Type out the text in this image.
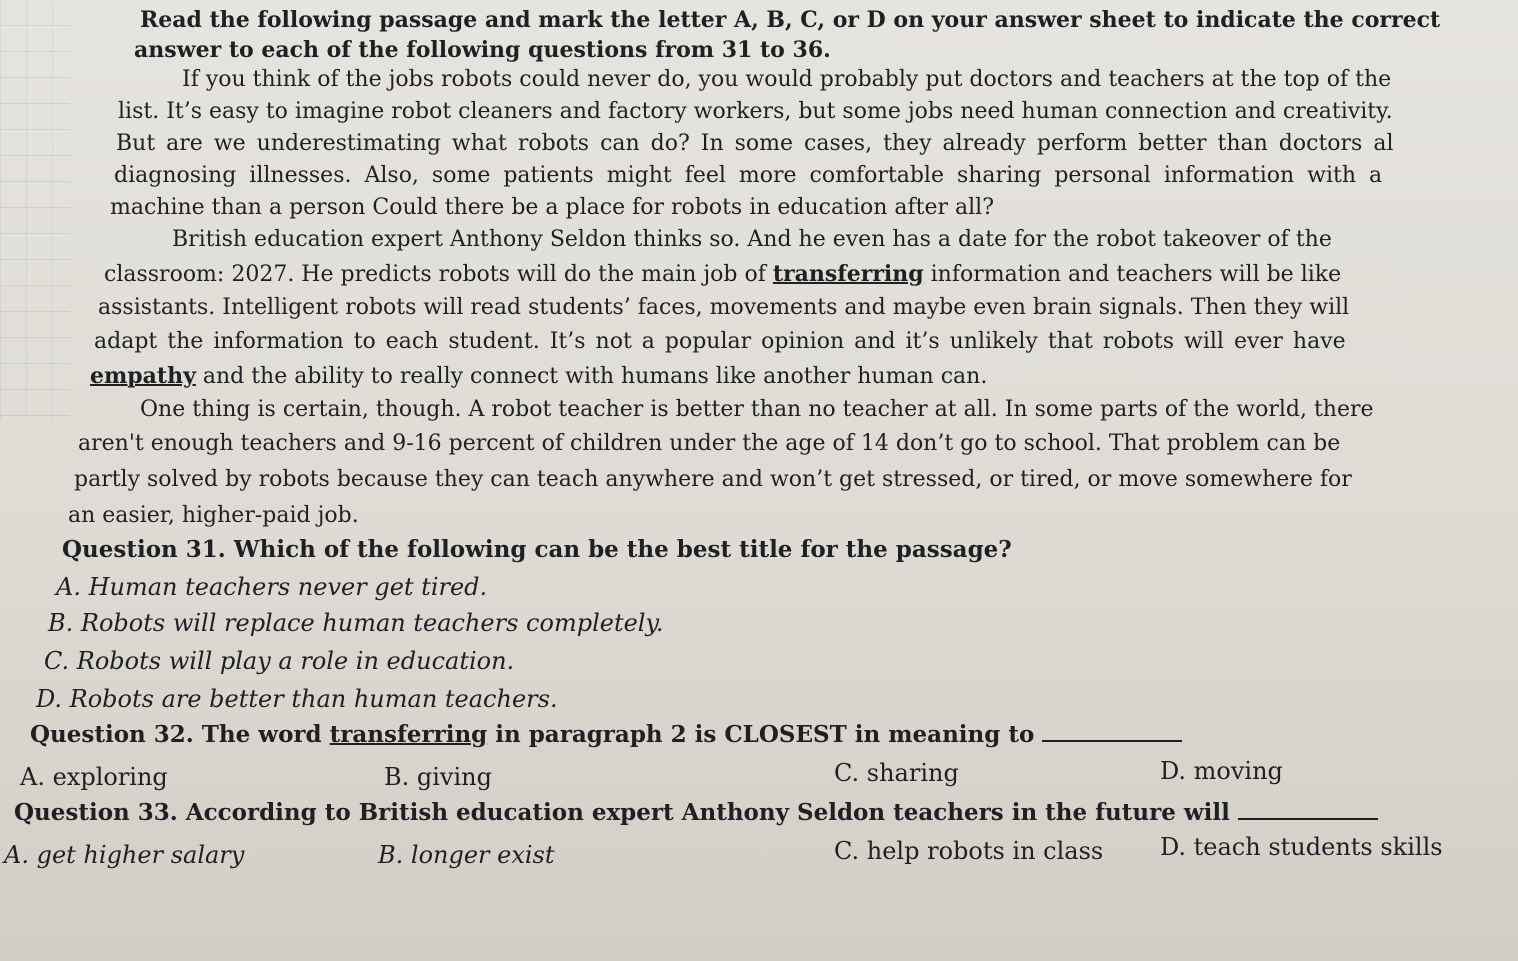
Read the following passage and mark the letter A, B, C, or D on your answer sheet to indicate the correct
answer to each of the following questions from 31 to 36.
If you think of the jobs robots could never do, you would probably put doctors and teachers at the top of the
list. It’s easy to imagine robot cleaners and factory workers, but some jobs need human connection and creativity.
But are we underestimating what robots can do? In some cases, they already perform better than doctors al
diagnosing illnesses. Also, some patients might feel more comfortable sharing personal information with a
machine than a person Could there be a place for robots in education after all?
British education expert Anthony Seldon thinks so. And he even has a date for the robot takeover of the
classroom: 2027. He predicts robots will do the main job of transferring information and teachers will be like
assistants. Intelligent robots will read students’ faces, movements and maybe even brain signals. Then they will
adapt the information to each student. It’s not a popular opinion and it’s unlikely that robots will ever have
empathy and the ability to really connect with humans like another human can.
One thing is certain, though. A robot teacher is better than no teacher at all. In some parts of the world, there
aren't enough teachers and 9-16 percent of children under the age of 14 don’t go to school. That problem can be
partly solved by robots because they can teach anywhere and won’t get stressed, or tired, or move somewhere for
an easier, higher-paid job.
Question 31. Which of the following can be the best title for the passage?
A. Human teachers never get tired.
B. Robots will replace human teachers completely.
C. Robots will play a role in education.
D. Robots are better than human teachers.
Question 32. The word transferring in paragraph 2 is CLOSEST in meaning to
A. exploring	B. giving	C. sharing	D. moving
Question 33. According to British education expert Anthony Seldon teachers in the future will
A. get higher salary	B. longer exist	C. help robots in class D. teach students skills
